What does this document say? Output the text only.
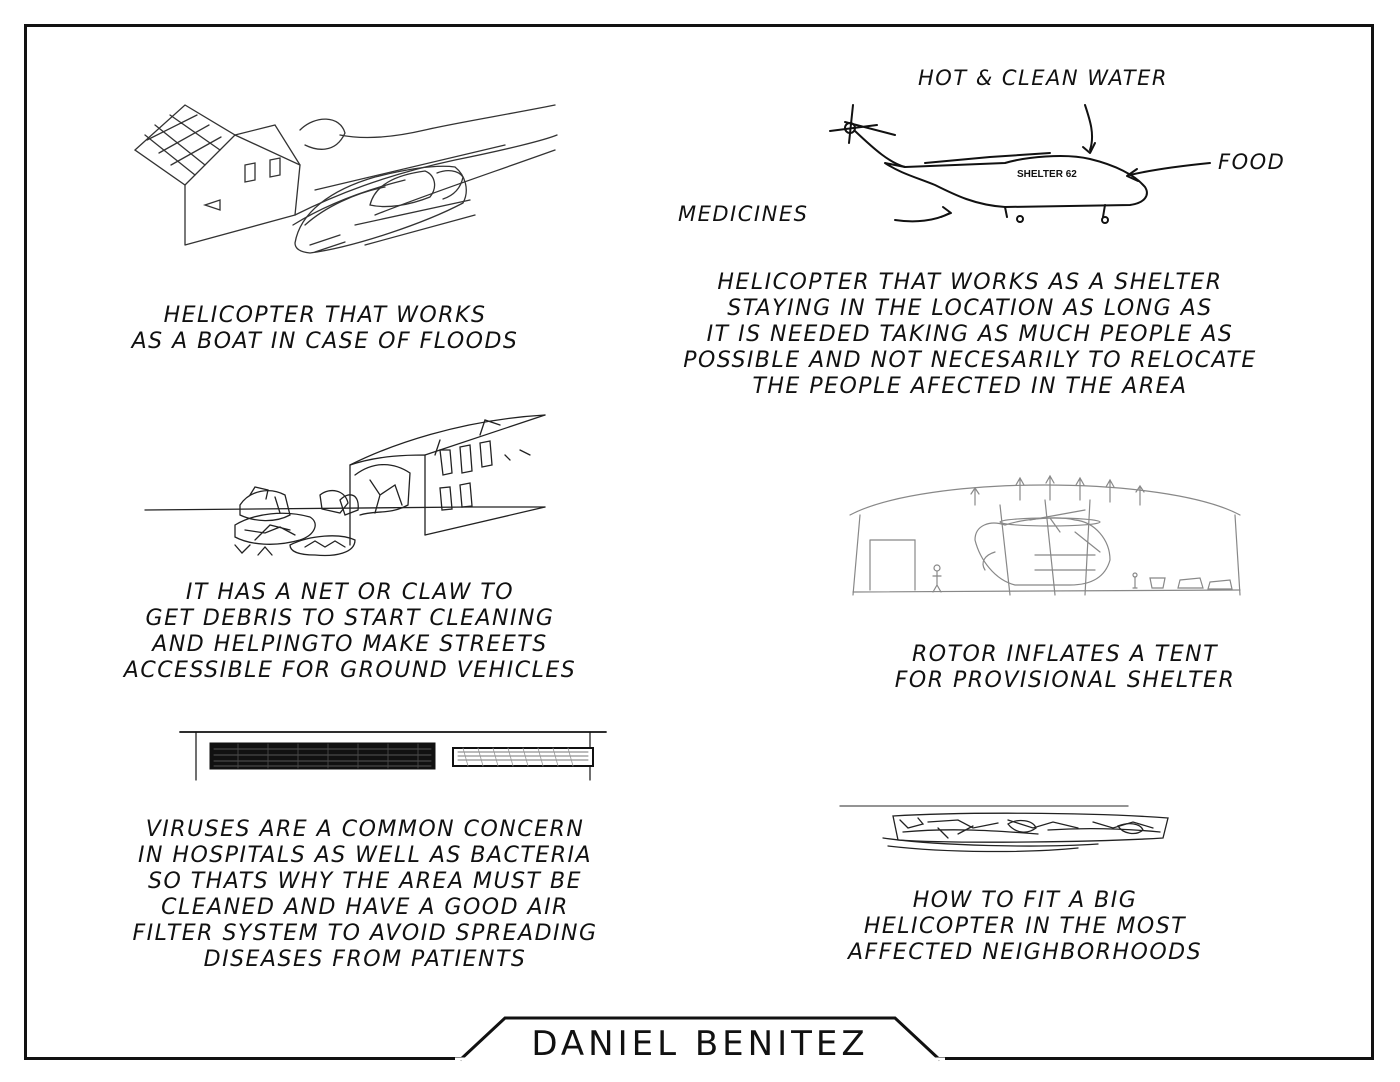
HELICOPTER THAT WORKS
AS A BOAT IN CASE OF FLOODS
HOT & CLEAN WATER
FOOD
MEDICINES
SHELTER 62
HELICOPTER THAT WORKS AS A SHELTER
STAYING IN THE LOCATION AS LONG AS
IT IS NEEDED TAKING AS MUCH PEOPLE AS
POSSIBLE AND NOT NECESARILY TO RELOCATE
THE PEOPLE AFECTED IN THE AREA
IT HAS A NET OR CLAW TO
GET DEBRIS TO START CLEANING
AND HELPINGTO MAKE STREETS
ACCESSIBLE FOR GROUND VEHICLES
ROTOR INFLATES A TENT
FOR PROVISIONAL SHELTER
VIRUSES ARE A COMMON CONCERN
IN HOSPITALS AS WELL AS BACTERIA
SO THATS WHY THE AREA MUST BE
CLEANED AND HAVE A GOOD AIR
FILTER SYSTEM TO AVOID SPREADING
DISEASES FROM PATIENTS
HOW TO FIT A BIG
HELICOPTER IN THE MOST
AFFECTED NEIGHBORHOODS
DANIEL BENITEZ
